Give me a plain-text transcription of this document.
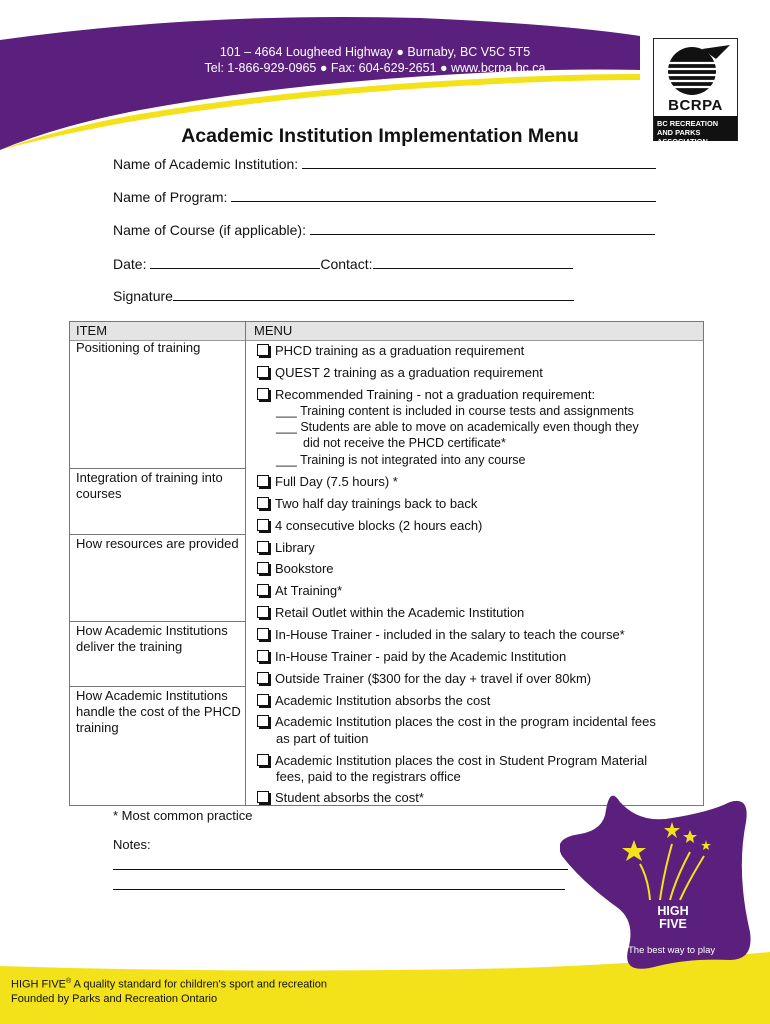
101 – 4664 Lougheed Highway ● Burnaby, BC V5C 5T5
Tel: 1-866-929-0965 ● Fax: 604-629-2651 ● www.bcrpa.bc.ca
BCRPA
BC RECREATION AND PARKS ASSOCIATION
Academic Institution Implementation Menu
Name of Academic Institution:
Name of Program:
Name of Course (if applicable):
Date:	Contact:
Signature
ITEM	MENU
Positioning of training
Integration of training into courses
How resources are provided
How Academic Institutions deliver the training
How Academic Institutions handle the cost of the PHCD training
PHCD training as a graduation requirement
QUEST 2 training as a graduation requirement
Recommended Training - not a graduation requirement:
___ Training content is included in course tests and assignments
___ Students are able to move on academically even though they
did not receive the PHCD certificate*
___ Training is not integrated into any course
Full Day (7.5 hours) *
Two half day trainings back to back
4 consecutive blocks (2 hours each)
Library
Bookstore
At Training*
Retail Outlet within the Academic Institution
In-House Trainer - included in the salary to teach the course*
In-House Trainer - paid by the Academic Institution
Outside Trainer ($300 for the day + travel if over 80km)
Academic Institution absorbs the cost
Academic Institution places the cost in the program incidental fees
as part of tuition
Academic Institution places the cost in Student Program Material
fees, paid to the registrars office
Student absorbs the cost*
* Most common practice
Notes:
HIGH
FIVE
The best way to play
HIGH FIVE® A quality standard for children's sport and recreation
Founded by Parks and Recreation Ontario
